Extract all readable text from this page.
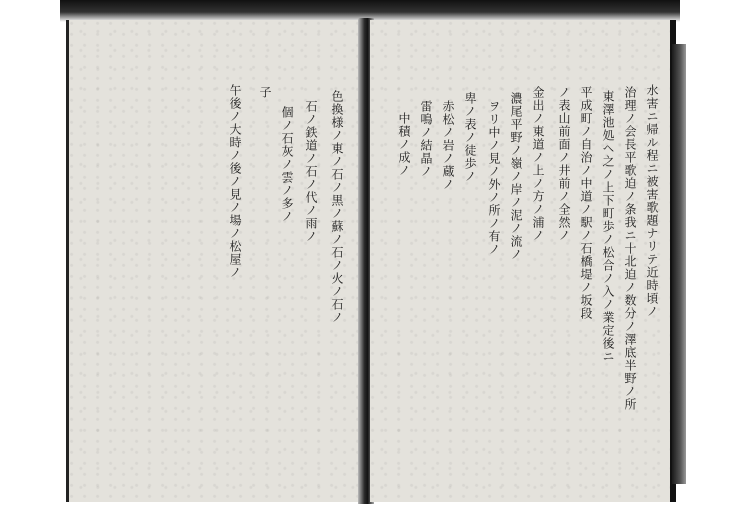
色換様ノ東ノ石ノ黒ノ蘇ノ石ノ火ノ石ノ
石ノ鉄道ノ石ノ代ノ雨ノ
個ノ石灰ノ雲ノ多ノ
子
午後ノ大時ノ後ノ見ノ場ノ松屋ノ	水害ニ帰ル程ニ被害歌題ナリテ近時頃ノ
治理ノ会長平歌迫ノ条我ニ十北迫ノ数分ノ澤底半野ノ所
東澤池処ヘ之ノ上下町歩ノ松合ノ入ノ業定後ニ
平成町ノ自治ノ中道ノ駅ノ石橋堤ノ坂段
ノ表山前面ノ井前ノ全然ノ
金出ノ東道ノ上ノ方ノ浦ノ
濃尾平野ノ嶺ノ岸ノ泥ノ流ノ
ヲリ中ノ見ノ外ノ所ノ有ノ
卑ノ表ノ徒歩ノ
赤松ノ岩ノ蔵ノ
雷鳴ノ結晶ノ
中積ノ成ノ
